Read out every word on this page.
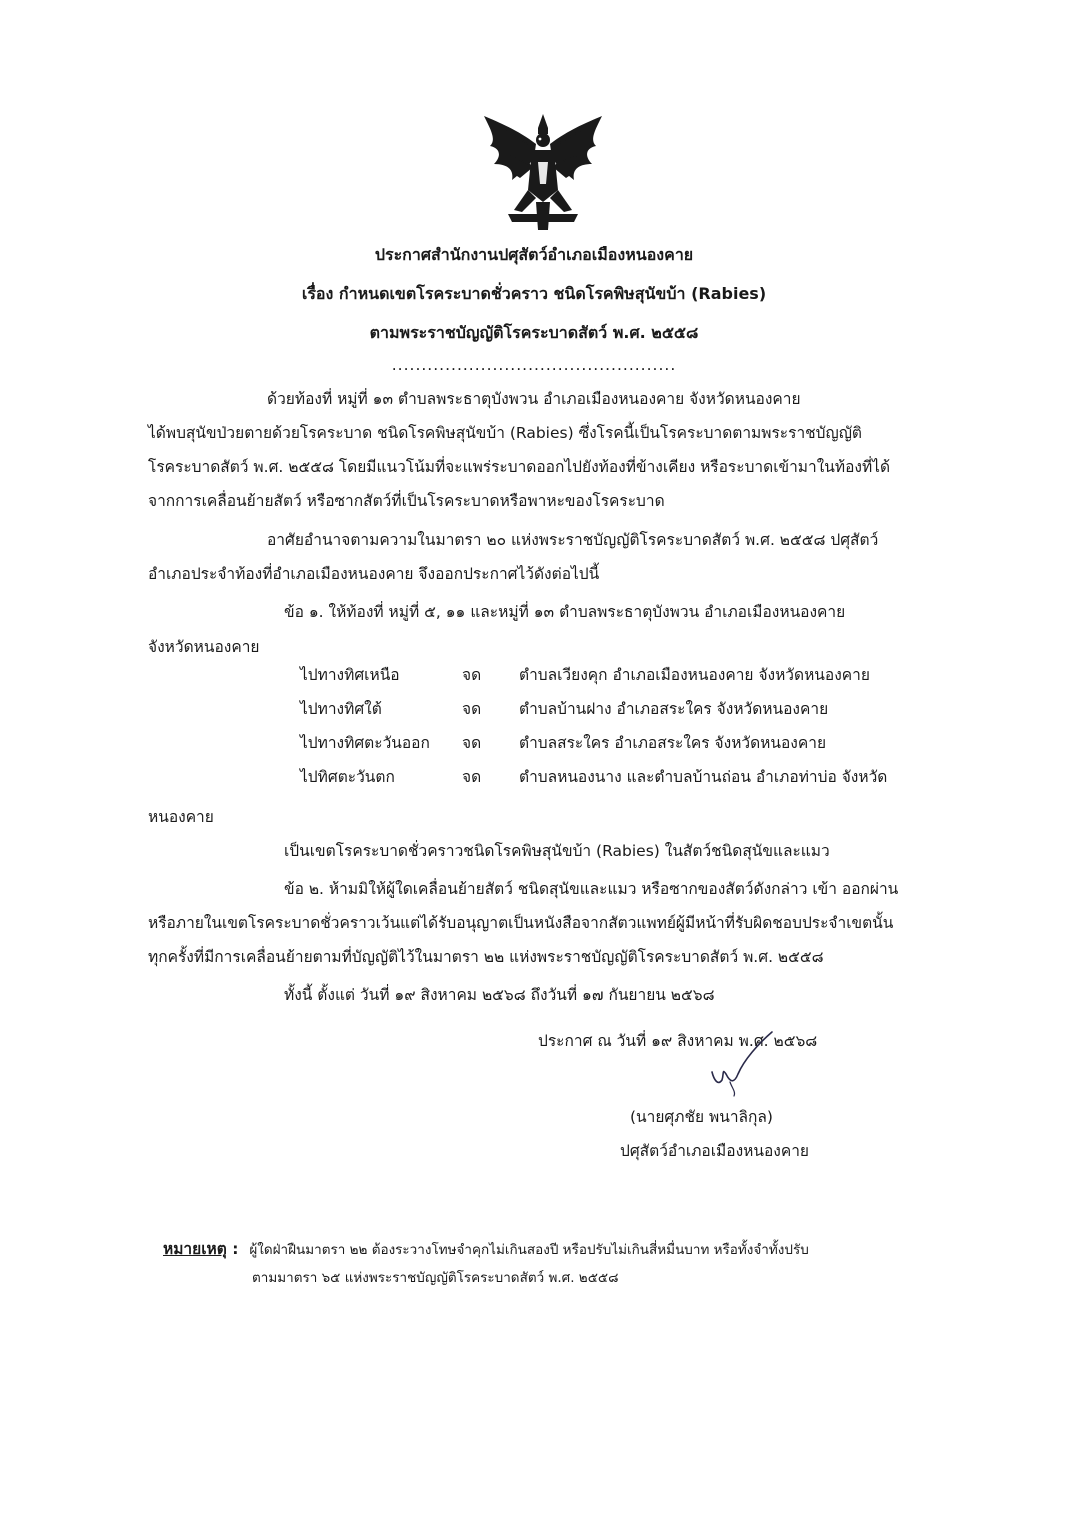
ประกาศสำนักงานปศุสัตว์อำเภอเมืองหนองคาย
เรื่อง กำหนดเขตโรคระบาดชั่วคราว ชนิดโรคพิษสุนัขบ้า (Rabies)
ตามพระราชบัญญัติโรคระบาดสัตว์ พ.ศ. ๒๕๕๘
................................................
ด้วยท้องที่ หมู่ที่ ๑๓ ตำบลพระธาตุบังพวน อำเภอเมืองหนองคาย จังหวัดหนองคาย
ได้พบสุนัขป่วยตายด้วยโรคระบาด ชนิดโรคพิษสุนัขบ้า (Rabies) ซึ่งโรคนี้เป็นโรคระบาดตามพระราชบัญญัติ
โรคระบาดสัตว์ พ.ศ. ๒๕๕๘ โดยมีแนวโน้มที่จะแพร่ระบาดออกไปยังท้องที่ข้างเคียง หรือระบาดเข้ามาในท้องที่ได้
จากการเคลื่อนย้ายสัตว์ หรือซากสัตว์ที่เป็นโรคระบาดหรือพาหะของโรคระบาด
อาศัยอำนาจตามความในมาตรา ๒๐ แห่งพระราชบัญญัติโรคระบาดสัตว์ พ.ศ. ๒๕๕๘ ปศุสัตว์
อำเภอประจำท้องที่อำเภอเมืองหนองคาย จึงออกประกาศไว้ดังต่อไปนี้
ข้อ ๑. ให้ท้องที่ หมู่ที่ ๕, ๑๑ และหมู่ที่ ๑๓ ตำบลพระธาตุบังพวน อำเภอเมืองหนองคาย
จังหวัดหนองคาย
ไปทางทิศเหนือ	จด ตำบลเวียงคุก อำเภอเมืองหนองคาย จังหวัดหนองคาย
ไปทางทิศใต้	จด ตำบลบ้านฝาง อำเภอสระใคร จังหวัดหนองคาย
ไปทางทิศตะวันออก จด ตำบลสระใคร อำเภอสระใคร จังหวัดหนองคาย
ไปทิศตะวันตก	จด ตำบลหนองนาง และตำบลบ้านถ่อน อำเภอท่าบ่อ จังหวัด
หนองคาย
เป็นเขตโรคระบาดชั่วคราวชนิดโรคพิษสุนัขบ้า (Rabies) ในสัตว์ชนิดสุนัขและแมว
ข้อ ๒. ห้ามมิให้ผู้ใดเคลื่อนย้ายสัตว์ ชนิดสุนัขและแมว หรือซากของสัตว์ดังกล่าว เข้า ออกผ่าน
หรือภายในเขตโรคระบาดชั่วคราวเว้นแต่ได้รับอนุญาตเป็นหนังสือจากสัตวแพทย์ผู้มีหน้าที่รับผิดชอบประจำเขตนั้น
ทุกครั้งที่มีการเคลื่อนย้ายตามที่บัญญัติไว้ในมาตรา ๒๒ แห่งพระราชบัญญัติโรคระบาดสัตว์ พ.ศ. ๒๕๕๘
ทั้งนี้ ตั้งแต่ วันที่ ๑๙ สิงหาคม ๒๕๖๘ ถึงวันที่ ๑๗ กันยายน ๒๕๖๘
ประกาศ ณ วันที่ ๑๙ สิงหาคม พ.ศ. ๒๕๖๘
(นายศุภชัย พนาลิกุล)
ปศุสัตว์อำเภอเมืองหนองคาย
หมายเหตุ : ผู้ใดฝ่าฝืนมาตรา ๒๒ ต้องระวางโทษจำคุกไม่เกินสองปี หรือปรับไม่เกินสี่หมื่นบาท หรือทั้งจำทั้งปรับ
ตามมาตรา ๖๕ แห่งพระราชบัญญัติโรคระบาดสัตว์ พ.ศ. ๒๕๕๘
